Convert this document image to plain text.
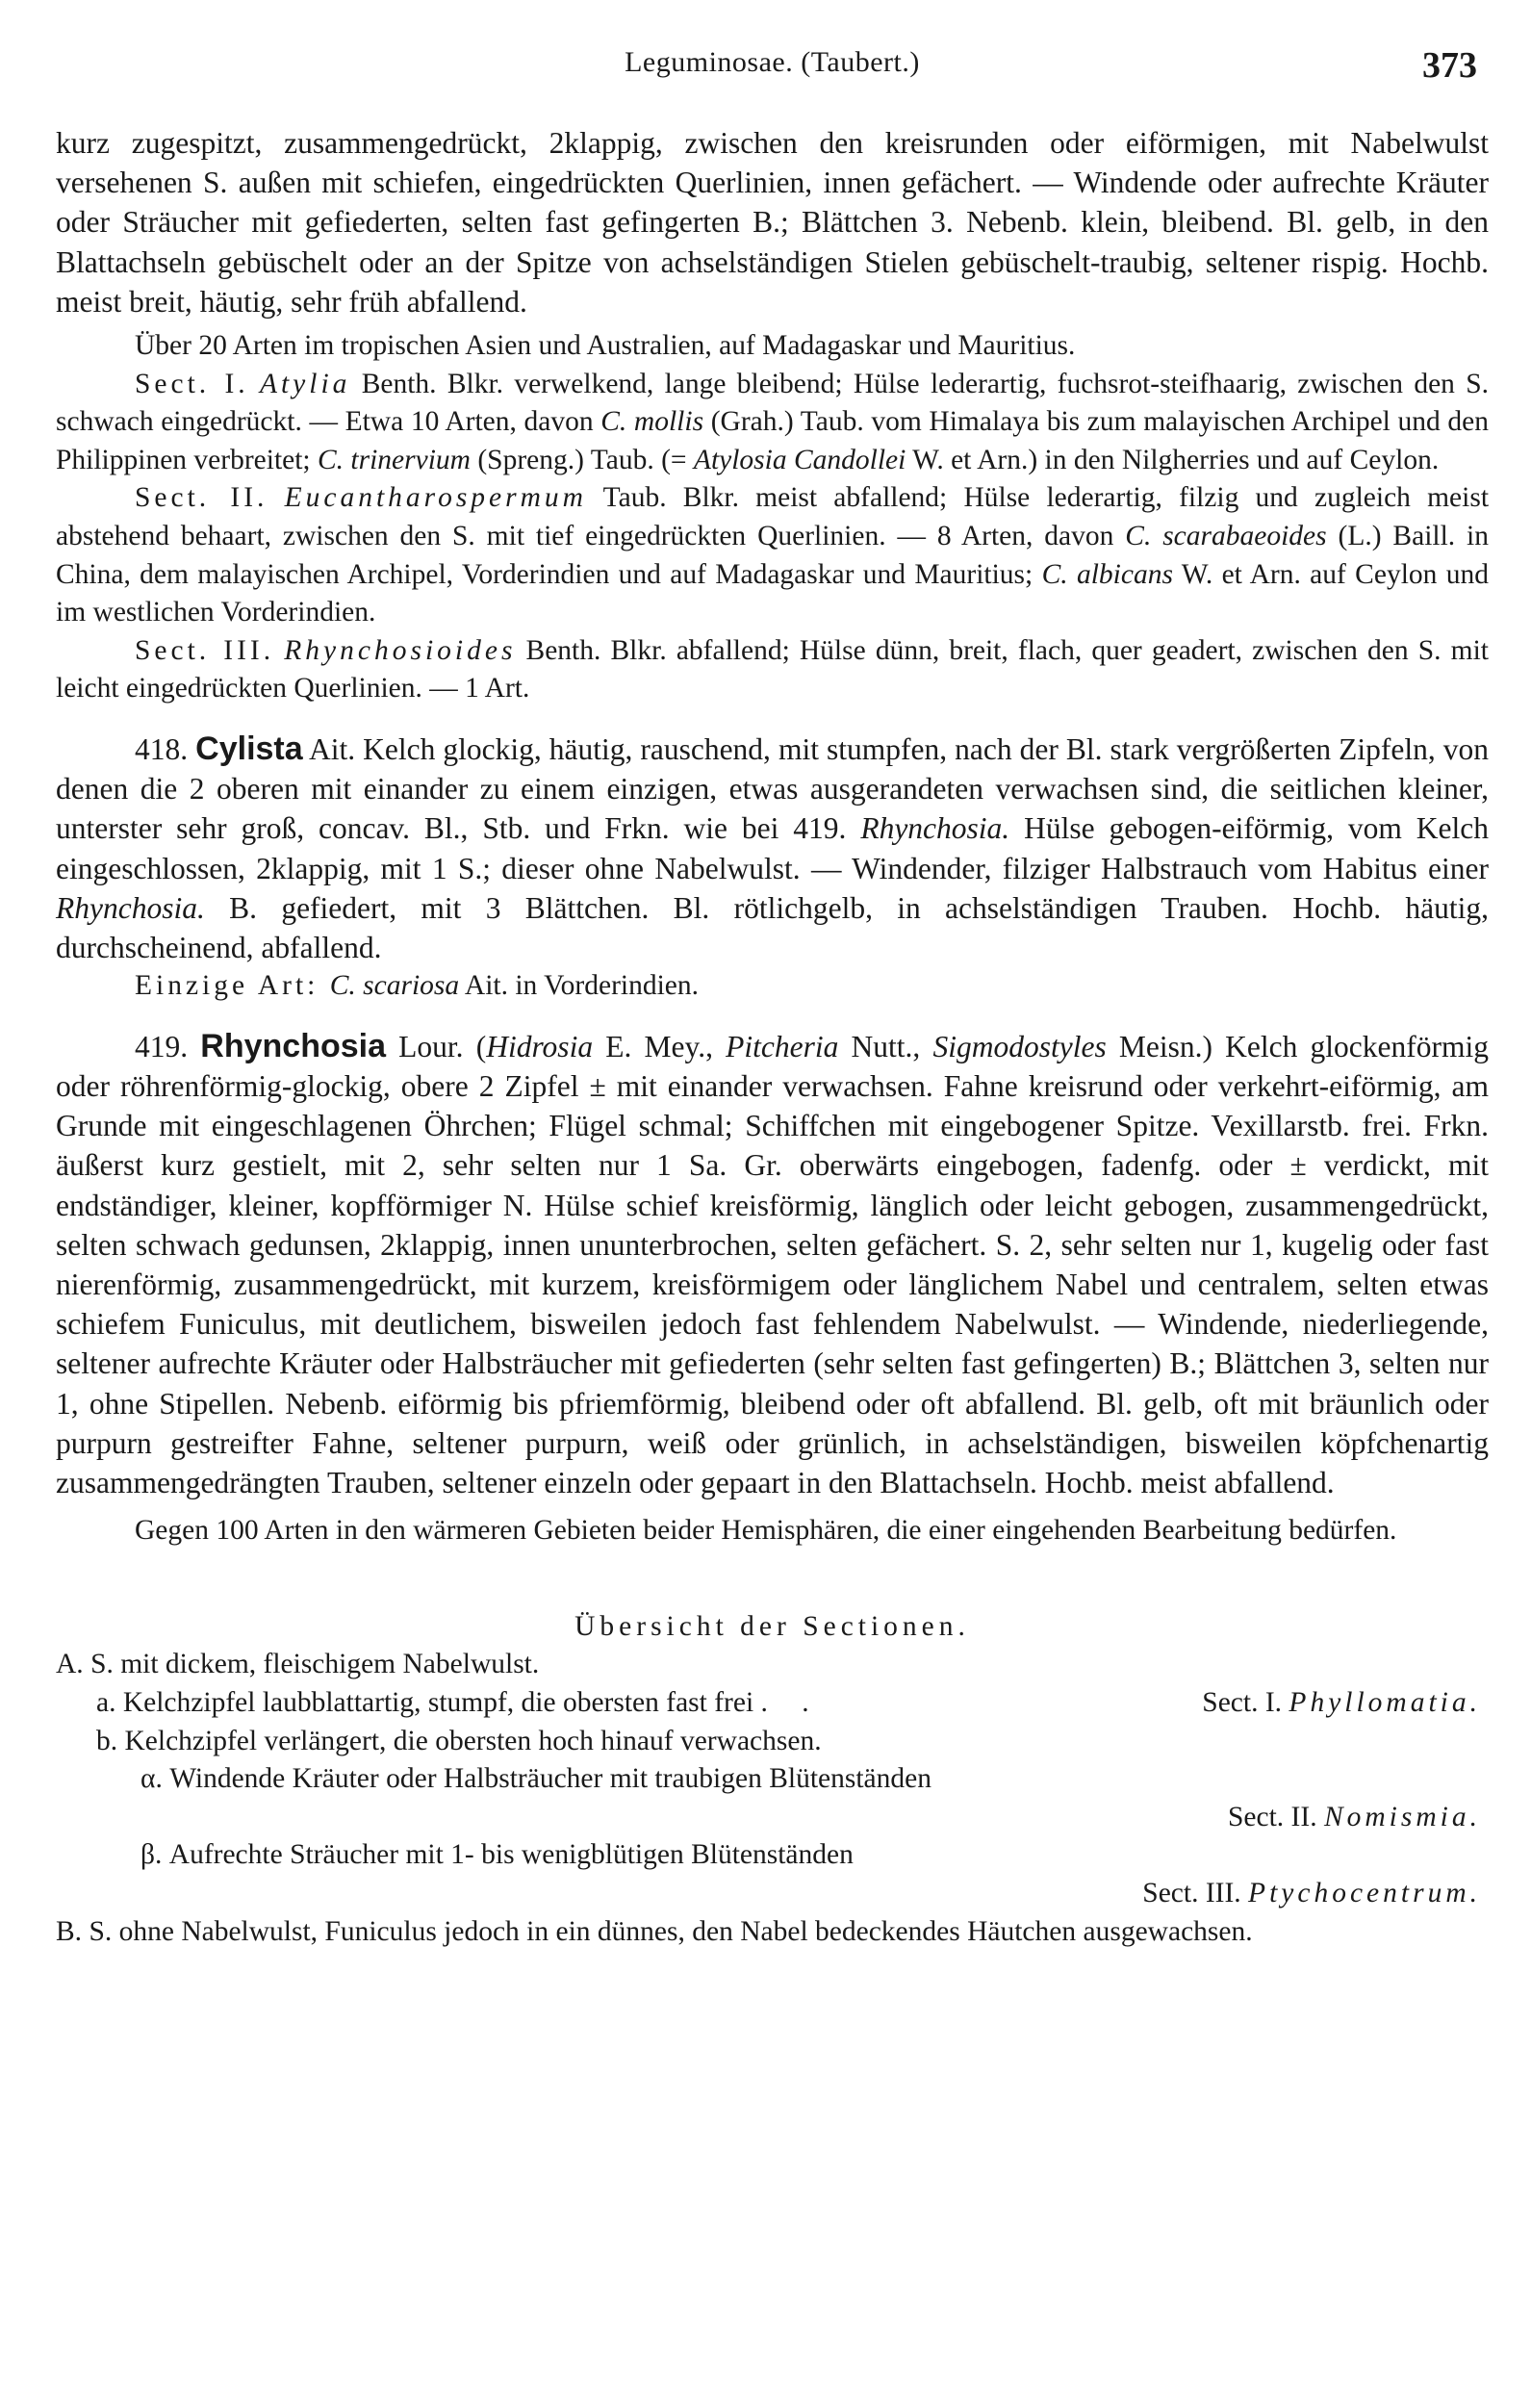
Leguminosae. (Taubert.)	373

kurz zugespitzt, zusammengedrückt, 2klappig, zwischen den kreisrunden oder eiförmigen, mit Nabelwulst versehenen S. außen mit schiefen, eingedrückten Querlinien, innen gefächert. — Windende oder aufrechte Kräuter oder Sträucher mit gefiederten, selten fast gefingerten B.; Blättchen 3. Nebenb. klein, bleibend. Bl. gelb, in den Blattachseln gebüschelt oder an der Spitze von achselständigen Stielen gebüschelt-traubig, seltener rispig. Hochb. meist breit, häutig, sehr früh abfallend.

Über 20 Arten im tropischen Asien und Australien, auf Madagaskar und Mauritius.

Sect. I. Atylia Benth. Blkr. verwelkend, lange bleibend; Hülse lederartig, fuchsrot-steifhaarig, zwischen den S. schwach eingedrückt. — Etwa 10 Arten, davon C. mollis (Grah.) Taub. vom Himalaya bis zum malayischen Archipel und den Philippinen verbreitet; C. trinervium (Spreng.) Taub. (= Atylosia Candollei W. et Arn.) in den Nilgherries und auf Ceylon.

Sect. II. Eucantharospermum Taub. Blkr. meist abfallend; Hülse lederartig, filzig und zugleich meist abstehend behaart, zwischen den S. mit tief eingedrückten Querlinien. — 8 Arten, davon C. scarabaeoides (L.) Baill. in China, dem malayischen Archipel, Vorderindien und auf Madagaskar und Mauritius; C. albicans W. et Arn. auf Ceylon und im westlichen Vorderindien.

Sect. III. Rhynchosioides Benth. Blkr. abfallend; Hülse dünn, breit, flach, quer geadert, zwischen den S. mit leicht eingedrückten Querlinien. — 1 Art.

418. Cylista Ait. Kelch glockig, häutig, rauschend, mit stumpfen, nach der Bl. stark vergrößerten Zipfeln, von denen die 2 oberen mit einander zu einem einzigen, etwas ausgerandeten verwachsen sind, die seitlichen kleiner, unterster sehr groß, concav. Bl., Stb. und Frkn. wie bei 419. Rhynchosia. Hülse gebogen-eiförmig, vom Kelch eingeschlossen, 2klappig, mit 1 S.; dieser ohne Nabelwulst. — Windender, filziger Halbstrauch vom Habitus einer Rhynchosia. B. gefiedert, mit 3 Blättchen. Bl. rötlichgelb, in achselständigen Trauben. Hochb. häutig, durchscheinend, abfallend.

Einzige Art: C. scariosa Ait. in Vorderindien.

419. Rhynchosia Lour. (Hidrosia E. Mey., Pitcheria Nutt., Sigmodostyles Meisn.) Kelch glockenförmig oder röhrenförmig-glockig, obere 2 Zipfel ± mit einander verwachsen. Fahne kreisrund oder verkehrt-eiförmig, am Grunde mit eingeschlagenen Öhrchen; Flügel schmal; Schiffchen mit eingebogener Spitze. Vexillarstb. frei. Frkn. äußerst kurz gestielt, mit 2, sehr selten nur 1 Sa. Gr. oberwärts eingebogen, fadenfg. oder ± verdickt, mit endständiger, kleiner, kopfförmiger N. Hülse schief kreisförmig, länglich oder leicht gebogen, zusammengedrückt, selten schwach gedunsen, 2klappig, innen ununterbrochen, selten gefächert. S. 2, sehr selten nur 1, kugelig oder fast nierenförmig, zusammengedrückt, mit kurzem, kreisförmigem oder länglichem Nabel und centralem, selten etwas schiefem Funiculus, mit deutlichem, bisweilen jedoch fast fehlendem Nabelwulst. — Windende, niederliegende, seltener aufrechte Kräuter oder Halbsträucher mit gefiederten (sehr selten fast gefingerten) B.; Blättchen 3, selten nur 1, ohne Stipellen. Nebenb. eiförmig bis pfriemförmig, bleibend oder oft abfallend. Bl. gelb, oft mit bräunlich oder purpurn gestreifter Fahne, seltener purpurn, weiß oder grünlich, in achselständigen, bisweilen köpfchenartig zusammengedrängten Trauben, seltener einzeln oder gepaart in den Blattachseln. Hochb. meist abfallend.

Gegen 100 Arten in den wärmeren Gebieten beider Hemisphären, die einer eingehenden Bearbeitung bedürfen.

Übersicht der Sectionen.
A. S. mit dickem, fleischigem Nabelwulst.
a. Kelchzipfel laubblattartig, stumpf, die obersten fast frei . .	Sect. I. Phyllomatia.
b. Kelchzipfel verlängert, die obersten hoch hinauf verwachsen.
α. Windende Kräuter oder Halbsträucher mit traubigen Blütenständen
Sect. II. Nomismia.
β. Aufrechte Sträucher mit 1- bis wenigblütigen Blütenständen
Sect. III. Ptychocentrum.

B. S. ohne Nabelwulst, Funiculus jedoch in ein dünnes, den Nabel bedeckendes Häutchen ausgewachsen.
